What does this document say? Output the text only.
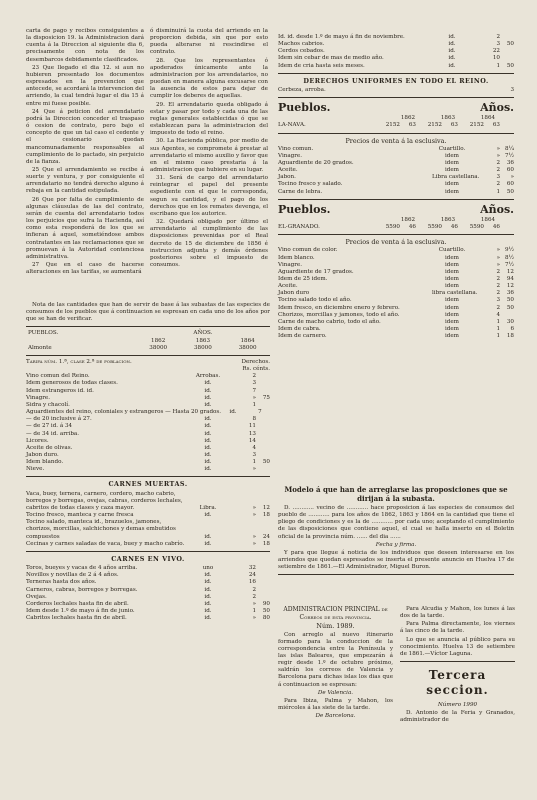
carta de pago y recibos consiguientes a la disposicion 19. la Administracion dará cuenta á la Direccion al siguiente dia 6, precisamente con nota de los desembarcos debidamente clasificados.

23 Que llegado el dia 12. si aun no hubieren presentado los documentos espresados en la prevencion que antecede, se acordará la intervencion del arriendo, la cual tendrá lugar el dia 15 á entre mi fuese posible.

24 Que á peticion del arrendatario podrá la Direccion conceder el traspaso ó cesion de contrato, pero bajo el concepto de que un tal caso el cedente y el cesionario quedan mancomunadamente responsables al cumplimiento de lo pactado, sin perjuicio de la fianza.

25 Que el arrendamiento se recibe á suerte y ventura, y por consiguiente el arrendatario no tendrá derecho alguno á rebaja en la cantidad estipulada.

26 Que por falta de cumplimiento de algunas cláusulas de las del contrato, serán de cuenta del arrendatario todos los perjuicios que sufra la Hacienda, así como esta responderá de los que se infieran á aquel, sometiéndose ambos contratantes en las reclamaciones que se promuevan á la Autoridad contenciosa administrativa.

27 Que en el caso de hacerse alteraciones en las tarifas, se aumentará

ó disminuirá la cuota del arriendo en la proporcion debida, sin que por esto pueda alterarse ni rescindirse el contrato.

28. Que los representantes ó apoderados únicamente ante la administracion por los arrendatarios, no puedan en manera alguna excusarse con la ausencia de estos para dejar de cumplir los deberes de aquellas.

29. El arrendatario queda obligado á estar y pasar por todo y cada una de las reglas generales establecidas ó que se establezcan para la administracion del impuesto de todo el reino.

30. La Hacienda pública, por medio de sus Agentes, se compromete á prestar al arrendatario el mismo auxilio y favor que en el mismo caso prestaria á la administracion que hubiere en su lugar.

31. Será de cargo del arrendatario reintegrar el papel del presente espediente con el que le corresponda, segun su cantidad, y el pago de los derechos que en los remates devenga, el escribano que los autorice.

32. Quedará obligado por último el arrendatario al cumplimiento de las disposiciones prevenidas por el Real decreto de 15 de diciembre de 1856 é instruccion adjunta y demás órdenes posteriores sobre el impuesto de consumos.

Nota de las cantidades que han de servir de base á las subastas de las especies de consumos de los pueblos que á continuacion se espresan en cada uno de los años por que se han de verificar.

PUEBLOS.	AÑOS.		
	1862	1863	1864
Almonte	38000	38000	38000
Tarifa núm. 1.ª, clase 2.ª de poblacion.	Derechos.
Rs. cénts.
Vino comun del Reino.	Arrobas.	2
Idem generosos de todas clases.	id.	3
Idem estrangeros id. id.	id.	7
Vinagre.	id.	»	75
Sidra y chacolí.	id.	1
Aguardientes del reino, coloniales y estrangeros — Hasta 20 grados.	id.	7
— de 20 inclusive á 27.	id.	8
— de 27 id. á 34	id.	11
— de 34 id. arriba.	id.	13
Licores.	id.	14
Aceite de olivas.	id.	4
Jabon duro.	id.	3
Idem blando.	id.	1	50
Nieve.	id.	»

CARNES MUERTAS.

Vaca, buey, ternera, carnero, cordero, macho cabrio, borregos y borregas, ovejas, cabras, corderos lechales, cabritos de todas clases y caza mayor.	Libra.	»	12
Tocino fresco, manteca y carne fresca	id.	»	18
Tocino salado, manteca id., brazuelos, jamones, chorizos, morcillas, salchichones y demas embutidos compuestos	id.	»	24
Cecinas y carnes saladas de vaca, buey y macho cabrío.	id.	»	18

CARNES EN VIVO.

Toros, bueyes y vacas de 4 años arriba.	uno	32
Novillos y novillas de 2 á 4 años.	id.	24
Terneras hasta dos años.	id.	16
Carneros, cabras, borregos y borregas.	id.	2
Ovejas.	id.	2
Corderos lechales hasta fin de abril.	id.	»	90
Idem desde 1.º de mayo á fin de junio.	id.	1	50
Cabritos lechales hasta fin de abril.	id.	»	80
Id. id. desde 1.º de mayo á fin de noviembre.	id.	2
Machos cabrios.	id.	3	50
Cerdos cebados.	id.	22
Idem sin cebar de mas de medio año.	id.	10
Idem de cria hasta seis meses.	id.	1	50

DERECHOS UNIFORMES EN TODO EL REINO.

Cerbeza, arroba.	3
Pueblos.	Años.
1862	1863	1864
LA-NAVA.	2152	63	2152	63	2152	63

Precios de venta á la esclusiva.

Vino comun.	Cuartillo.	» 8¼
Vinagre.	idem	» 7½
Aguardiente de 20 grados.	idem	2	36
Aceite.	idem	2	60
Jabon.	Libra castellana.	3	»
Tocino fresco y salado.	idem	2	60
Carne de lebra.	idem	1	50
Pueblos.	Años.
1862	1863	1864
EL-GRANADO.	5590	46	5590	46	5590	46

Precios de venta á la esclusiva.

Vino comun de color.	Cuartillo.	» 9½
Idem blanco.	idem	» 8½
Vinagre.	idem	» 7½
Aguardiente de 17 grados.	idem	2	12
Idem de 25 idem.	idem	2	94
Aceite.	idem	2	12
Jabon duro	libra castellana.	2	36
Tocino salado todo el año.	idem	3	50
Idem fresco, en diciembre enero y febrero.	idem	2	50
Chorizos, morcillas y jamones, todo el año.	idem	4
Carne de macho cabrio, todo el año.	idem	1	30
Idem de cabra.	idem	1	6
Idem de carnero.	idem	1	18

Modelo á que han de arreglarse las proposiciones que se dirijan á la subasta.

D. ............ vecino de ............ hace proposicion á las especies de consumos del pueblo de ............ para los años de 1862, 1863 y 1864 en la cantidad que tiene el pliego de condiciones y es la de ............ por cada uno; aceptando el cumplimiento de las disposiciones que contiene aquel, el cual se halla inserto en el Boletin oficial de la provincia núm. ...... del dia ......

Fecha y firma.

Y para que llegue á noticia de los individuos que deseen interesarse en los arriendos que quedan espresados se inserta el presente anuncio en Huelva 17 de setiembre de 1861.—El Administrador, Miguel Buron.

ADMINISTRACION PRINCIPAL de Correos de esta provincia.

Núm. 1989.

Con arreglo al nuevo itinerario formado para la conduccion de la correspondencia entre la Península y las islas Baleares, que empezarán á regir desde 1.º de octubre próximo, saldrán los correos de Valencia y Barcelona para dichas islas los dias que á continuacion se espresan:

De Valencia.

Para Ibiza, Palma y Mahon, los miércoles á las siete de la tarde.

De Barcelona.

Para Alcudia y Mahon, los lunes á las dos de la tarde.

Para Palma directamente, los viernes á las cinco de la tarde.

Lo que se anuncia al público para su conocimiento. Huelva 13 de setiembre de 1861.—Víctor Laguna.

Tercera seccion.

Número 1990

D. Antonio de la Feria y Granados, administrador de
